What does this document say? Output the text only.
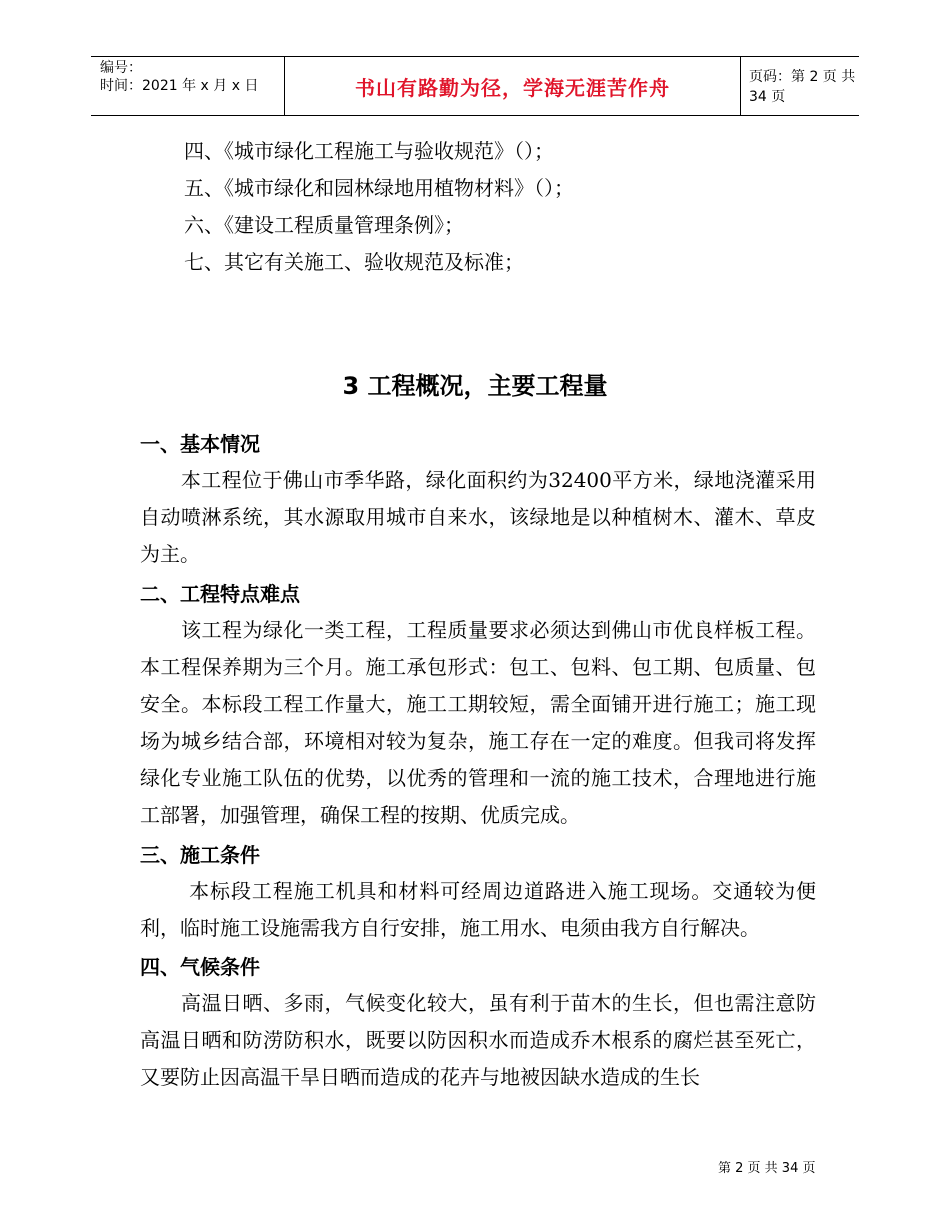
编号：
时间：2021 年 x 月 x 日	书山有路勤为径，学海无涯苦作舟	页码：第 2 页 共 34 页
四、《城市绿化工程施工与验收规范》（）；
五、《城市绿化和园林绿地用植物材料》（）；
六、《建设工程质量管理条例》；
七、其它有关施工、验收规范及标准；
3 工程概况，主要工程量
一、基本情况

　　本工程位于佛山市季华路，绿化面积约为32400平方米，绿地浇灌采用自动喷淋系统，其水源取用城市自来水，该绿地是以种植树木、灌木、草皮为主。

二、工程特点难点

　　该工程为绿化一类工程，工程质量要求必须达到佛山市优良样板工程。本工程保养期为三个月。施工承包形式：包工、包料、包工期、包质量、包安全。本标段工程工作量大，施工工期较短，需全面铺开进行施工；施工现场为城乡结合部，环境相对较为复杂，施工存在一定的难度。但我司将发挥绿化专业施工队伍的优势，以优秀的管理和一流的施工技术，合理地进行施工部署，加强管理，确保工程的按期、优质完成。

三、施工条件

　　 本标段工程施工机具和材料可经周边道路进入施工现场。交通较为便利，临时施工设施需我方自行安排，施工用水、电须由我方自行解决。

四、气候条件

　　高温日晒、多雨，气候变化较大，虽有利于苗木的生长，但也需注意防高温日晒和防涝防积水，既要以防因积水而造成乔木根系的腐烂甚至死亡，又要防止因高温干旱日晒而造成的花卉与地被因缺水造成的生长

第 2 页 共 34 页
